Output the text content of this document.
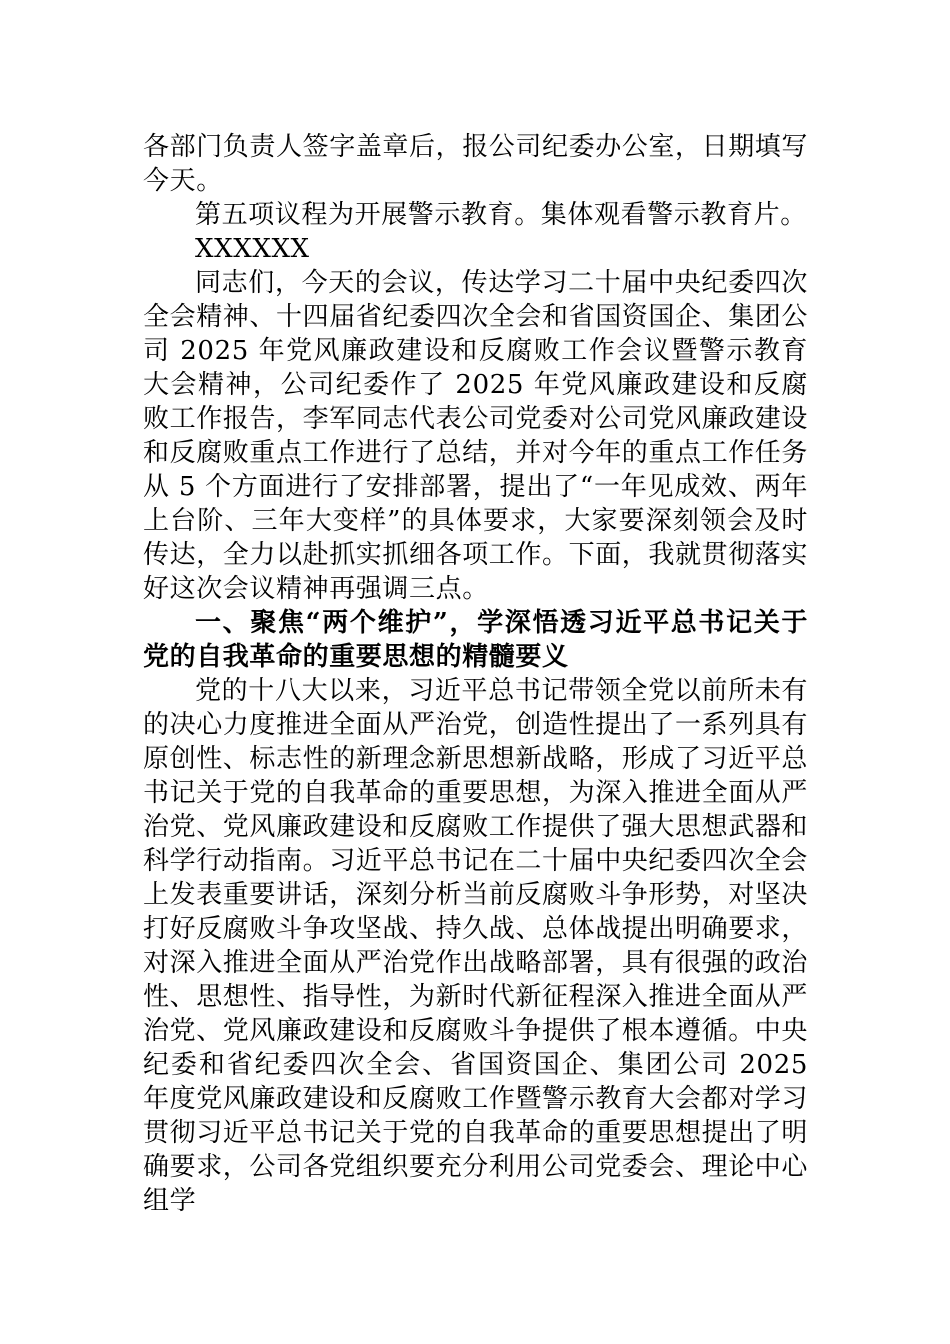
各部门负责人签字盖章后，报公司纪委办公室，日期填写今天。

第五项议程为开展警示教育。集体观看警示教育片。

XXXXXX

同志们，今天的会议，传达学习二十届中央纪委四次全会精神、十四届省纪委四次全会和省国资国企、集团公司 2025 年党风廉政建设和反腐败工作会议暨警示教育大会精神，公司纪委作了 2025 年党风廉政建设和反腐败工作报告，李军同志代表公司党委对公司党风廉政建设和反腐败重点工作进行了总结，并对今年的重点工作任务从 5 个方面进行了安排部署，提出了“一年见成效、两年上台阶、三年大变样”的具体要求，大家要深刻领会及时传达，全力以赴抓实抓细各项工作。下面，我就贯彻落实好这次会议精神再强调三点。

一、聚焦“两个维护”，学深悟透习近平总书记关于党的自我革命的重要思想的精髓要义

党的十八大以来，习近平总书记带领全党以前所未有的决心力度推进全面从严治党，创造性提出了一系列具有原创性、标志性的新理念新思想新战略，形成了习近平总书记关于党的自我革命的重要思想，为深入推进全面从严治党、党风廉政建设和反腐败工作提供了强大思想武器和科学行动指南。习近平总书记在二十届中央纪委四次全会上发表重要讲话，深刻分析当前反腐败斗争形势，对坚决打好反腐败斗争攻坚战、持久战、总体战提出明确要求，对深入推进全面从严治党作出战略部署，具有很强的政治性、思想性、指导性，为新时代新征程深入推进全面从严治党、党风廉政建设和反腐败斗争提供了根本遵循。中央纪委和省纪委四次全会、省国资国企、集团公司 2025 年度党风廉政建设和反腐败工作暨警示教育大会都对学习贯彻习近平总书记关于党的自我革命的重要思想提出了明确要求，公司各党组织要充分利用公司党委会、理论中心组学
